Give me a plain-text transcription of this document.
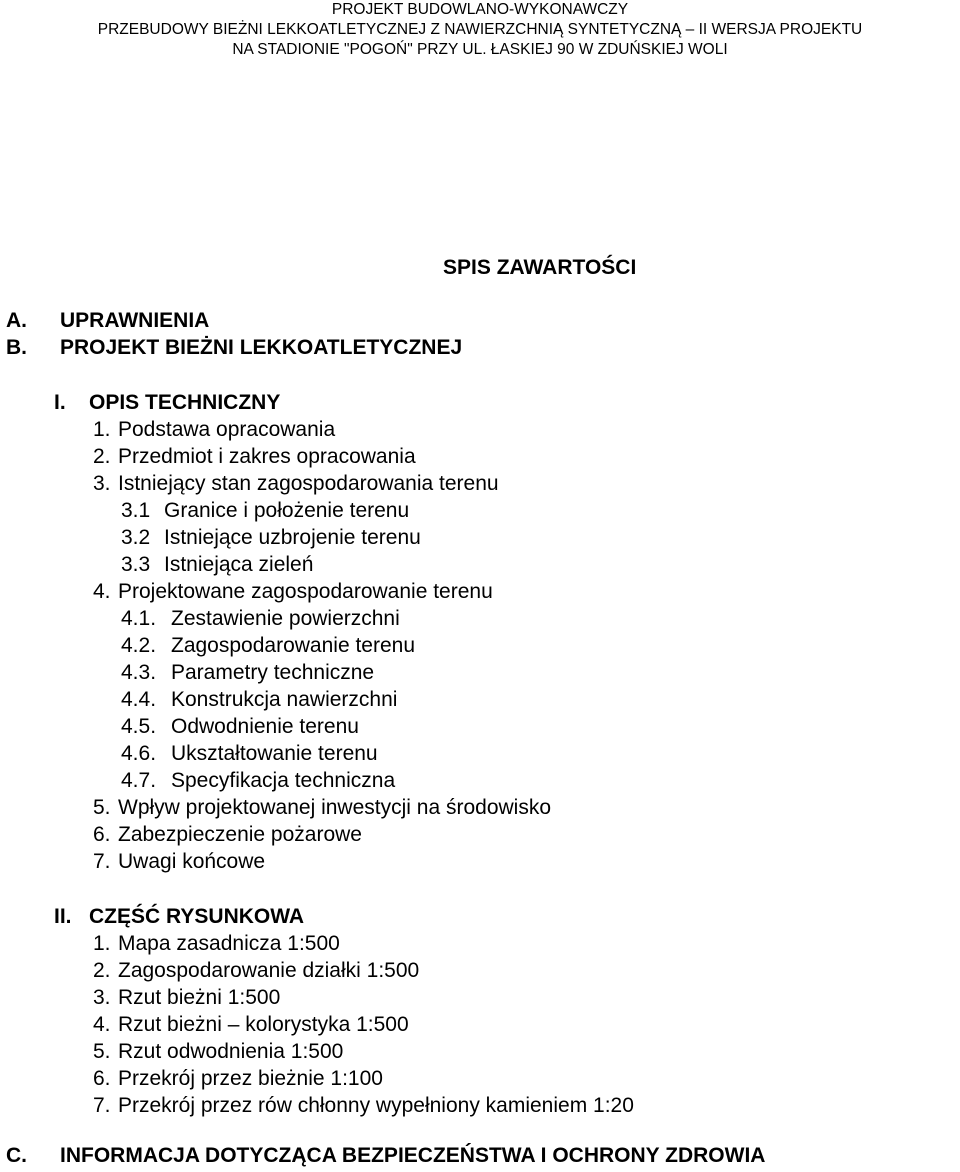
PROJEKT BUDOWLANO-WYKONAWCZY
PRZEBUDOWY BIEŻNI LEKKOATLETYCZNEJ Z NAWIERZCHNIĄ SYNTETYCZNĄ – II WERSJA PROJEKTU
NA STADIONIE "POGOŃ" PRZY UL. ŁASKIEJ 90 W ZDUŃSKIEJ WOLI
SPIS ZAWARTOŚCI
A. UPRAWNIENIA
B. PROJEKT BIEŻNI LEKKOATLETYCZNEJ
I. OPIS TECHNICZNY
1. Podstawa opracowania
2. Przedmiot i zakres opracowania
3. Istniejący stan zagospodarowania terenu
3.1 Granice i położenie terenu
3.2 Istniejące uzbrojenie terenu
3.3 Istniejąca zieleń
4. Projektowane zagospodarowanie terenu
4.1. Zestawienie powierzchni
4.2. Zagospodarowanie terenu
4.3. Parametry techniczne
4.4. Konstrukcja nawierzchni
4.5. Odwodnienie terenu
4.6. Ukształtowanie terenu
4.7. Specyfikacja techniczna
5. Wpływ projektowanej inwestycji na środowisko
6. Zabezpieczenie pożarowe
7. Uwagi końcowe
II. CZĘŚĆ RYSUNKOWA
1. Mapa zasadnicza 1:500
2. Zagospodarowanie działki 1:500
3. Rzut bieżni 1:500
4. Rzut bieżni – kolorystyka 1:500
5. Rzut odwodnienia 1:500
6. Przekrój przez bieżnie 1:100
7. Przekrój przez rów chłonny wypełniony kamieniem 1:20
C. INFORMACJA DOTYCZĄCA BEZPIECZEŃSTWA I OCHRONY ZDROWIA
